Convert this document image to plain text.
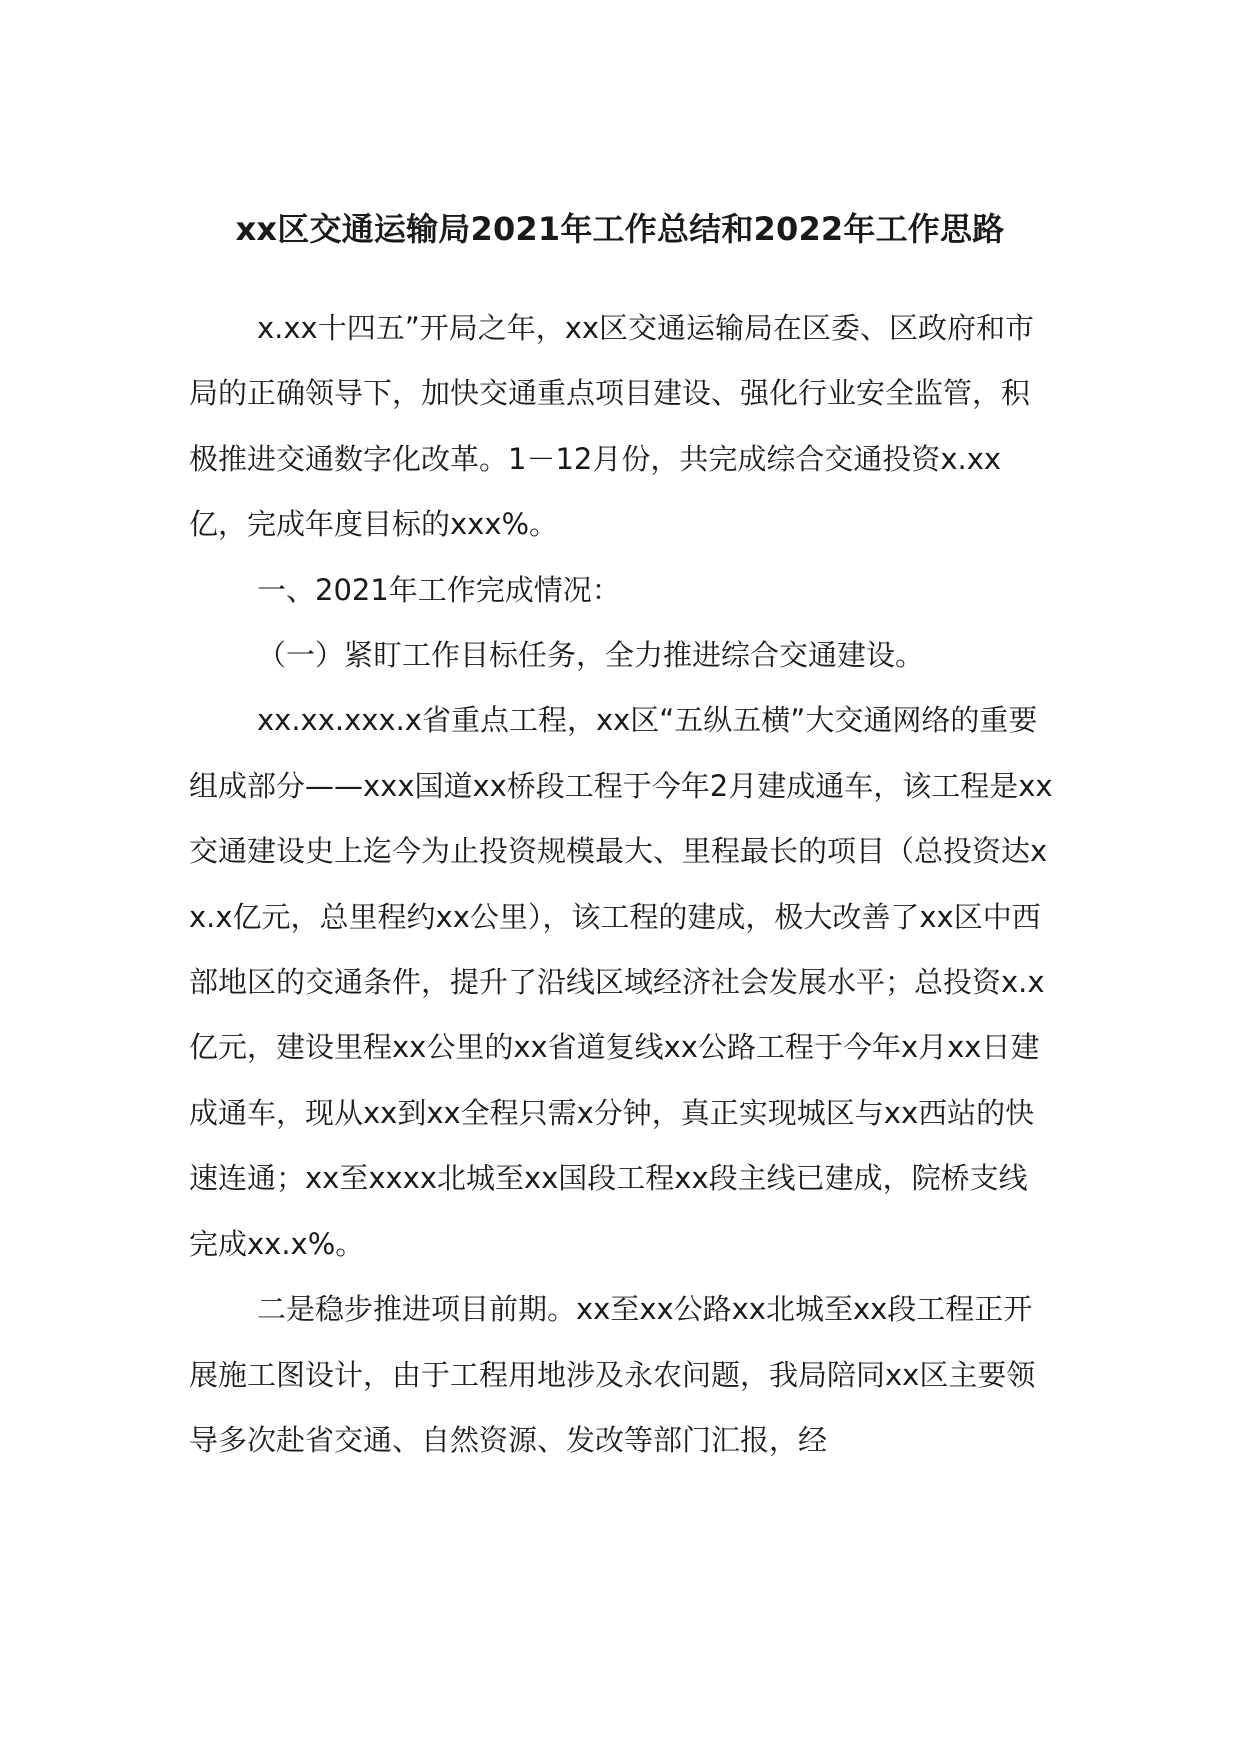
xx区交通运输局2021年工作总结和2022年工作思路

x.xx十四五”开局之年，xx区交通运输局在区委、区政府和市局的正确领导下，加快交通重点项目建设、强化行业安全监管，积极推进交通数字化改革。1－12月份，共完成综合交通投资x.xx亿，完成年度目标的xxx%。

一、2021年工作完成情况：

（一）紧盯工作目标任务，全力推进综合交通建设。

xx.xx.xxx.x省重点工程，xx区“五纵五横”大交通网络的重要组成部分——xxx国道xx桥段工程于今年2月建成通车，该工程是xx交通建设史上迄今为止投资规模最大、里程最长的项目（总投资达xx.x亿元，总里程约xx公里），该工程的建成，极大改善了xx区中西部地区的交通条件，提升了沿线区域经济社会发展水平；总投资x.x亿元，建设里程xx公里的xx省道复线xx公路工程于今年x月xx日建成通车，现从xx到xx全程只需x分钟，真正实现城区与xx西站的快速连通；xx至xxxx北城至xx国段工程xx段主线已建成，院桥支线完成xx.x%。

二是稳步推进项目前期。xx至xx公路xx北城至xx段工程正开展施工图设计，由于工程用地涉及永农问题，我局陪同xx区主要领导多次赴省交通、自然资源、发改等部门汇报，经
